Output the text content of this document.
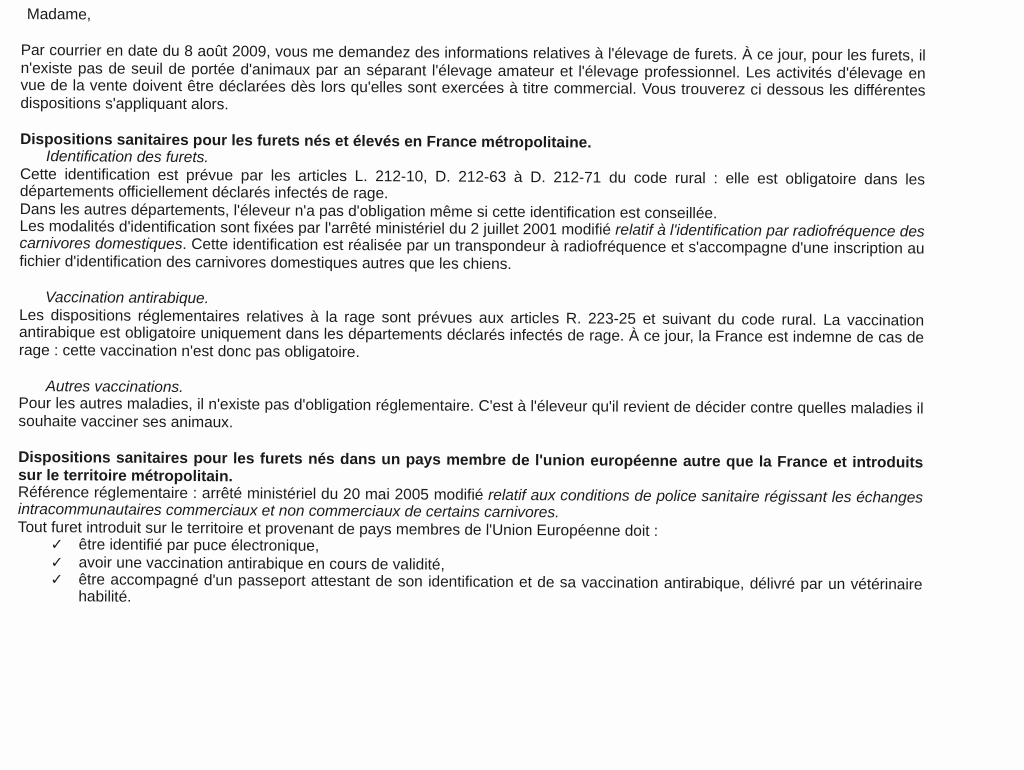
Madame,

Par courrier en date du 8 août 2009, vous me demandez des informations relatives à l'élevage de furets. À ce jour, pour les furets, il n'existe pas de seuil de portée d'animaux par an séparant l'élevage amateur et l'élevage professionnel. Les activités d'élevage en vue de la vente doivent être déclarées dès lors qu'elles sont exercées à titre commercial. Vous trouverez ci dessous les différentes dispositions s'appliquant alors.

Dispositions sanitaires pour les furets nés et élevés en France métropolitaine.

Identification des furets.

Cette identification est prévue par les articles L. 212-10, D. 212-63 à D. 212-71 du code rural : elle est obligatoire dans les départements officiellement déclarés infectés de rage.

Dans les autres départements, l'éleveur n'a pas d'obligation même si cette identification est conseillée.

Les modalités d'identification sont fixées par l'arrêté ministériel du 2 juillet 2001 modifié relatif à l'identification par radiofréquence des carnivores domestiques. Cette identification est réalisée par un transpondeur à radiofréquence et s'accompagne d'une inscription au fichier d'identification des carnivores domestiques autres que les chiens.

Vaccination antirabique.

Les dispositions réglementaires relatives à la rage sont prévues aux articles R. 223-25 et suivant du code rural. La vaccination antirabique est obligatoire uniquement dans les départements déclarés infectés de rage. À ce jour, la France est indemne de cas de rage : cette vaccination n'est donc pas obligatoire.

Autres vaccinations.

Pour les autres maladies, il n'existe pas d'obligation réglementaire. C'est à l'éleveur qu'il revient de décider contre quelles maladies il souhaite vacciner ses animaux.

Dispositions sanitaires pour les furets nés dans un pays membre de l'union européenne autre que la France et introduits sur le territoire métropolitain.

Référence réglementaire : arrêté ministériel du 20 mai 2005 modifié relatif aux conditions de police sanitaire régissant les échanges intracommunautaires commerciaux et non commerciaux de certains carnivores.

Tout furet introduit sur le territoire et provenant de pays membres de l'Union Européenne doit :

✓ être identifié par puce électronique,
✓ avoir une vaccination antirabique en cours de validité,
✓ être accompagné d'un passeport attestant de son identification et de sa vaccination antirabique, délivré par un vétérinaire habilité.
